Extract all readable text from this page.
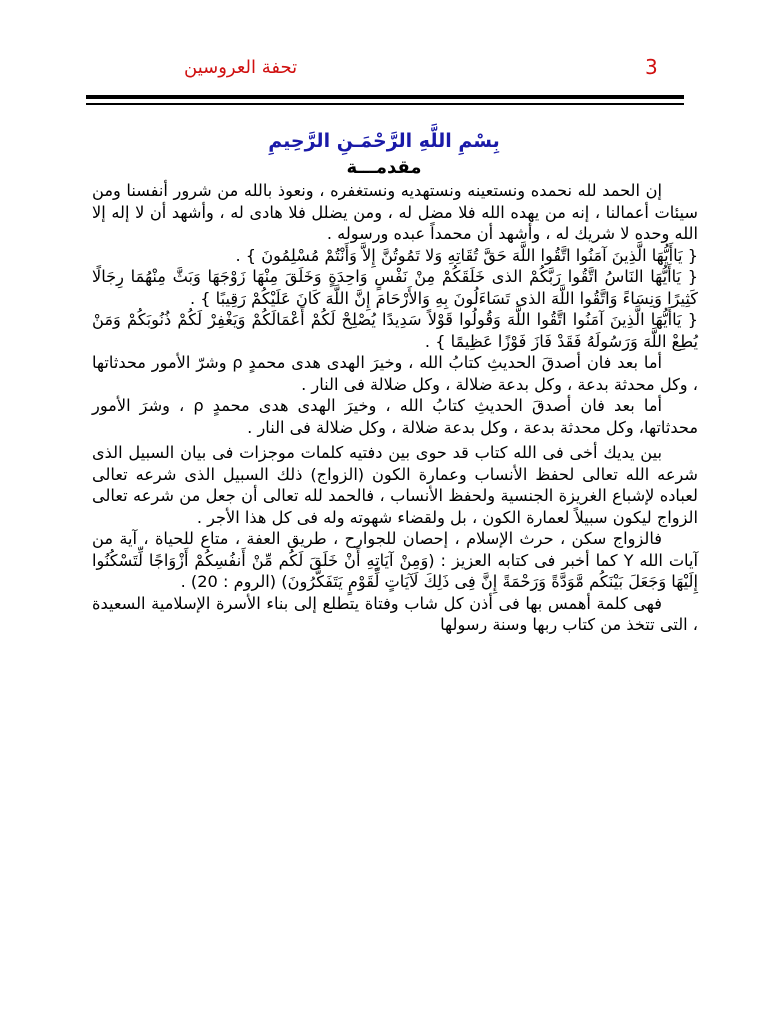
3
تحفة العروسين
بِسْمِ اللَّهِ الرَّحْمَـنِ الرَّحِيمِ
مقدمـــة

إن الحمد لله نحمده ونستعينه ونستهديه ونستغفره ، ونعوذ بالله من شرور أنفسنا ومن سيئات أعمالنا ، إنه من يهده الله فلا مضل له ، ومن يضلل فلا هادى له ، وأشهد أن لا إله إلا الله وحده لا شريك له ، وأشهد أن محمداً عبده ورسوله .

{ يَاأَيُّهَا الَّذِينَ آمَنُوا اتَّقُوا اللَّهَ حَقَّ تُقَاتِهِ وَلا تَمُوتُنَّ إِلاَّ وَأَنْتُمْ مُسْلِمُونَ } .

{ يَاأَيُّهَا النَاسُ اتَّقُوا رَبَّكُمْ الذى خَلَقَكُمْ مِنْ نَفْسٍ وَاحِدَةٍ وَخَلَقَ مِنْهَا زَوْجَهَا وَبَثَّ مِنْهُمَا رِجَالًا كَثِيرًا وَنِسَاءً وَاتَّقُوا اللَّهَ الذى تَسَاءَلُونَ بِهِ وَالأَرْحَامَ إِنَّ اللَّهَ كَانَ عَلَيْكُمْ رَقِيبًا } .

{ يَاأَيُّهَا الَّذِينَ آمَنُوا اتَّقُوا اللَّهَ وَقُولُوا قَوْلاً سَدِيدًا يُصْلِحْ لَكُمْ أَعْمَالَكُمْ وَيَغْفِرْ لَكُمْ ذُنُوبَكُمْ وَمَنْ يُطِعْ اللَّهَ وَرَسُولَهُ فَقَدْ فَازَ فَوْزًا عَظِيمًا } .

أما بعد فان أصدقَ الحديثِ كتابُ الله ، وخيرَ الهدى هدى محمدٍ ρ وشرّ الأمور محدثاتها ، وكل محدثة بدعة ، وكل بدعة ضلالة ، وكل ضلالة فى النار .

أما بعد فان أصدقَ الحديثِ كتابُ الله ، وخيرَ الهدى هدى محمدٍ ρ ، وشرَ الأمور محدثاتها، وكل محدثة بدعة ، وكل بدعة ضلالة ، وكل ضلالة فى النار .

بين يديك أخى فى الله كتاب قد حوى بين دفتيه كلمات موجزات فى بيان السبيل الذى شرعه الله تعالى لحفظ الأنساب وعمارة الكون (الزواج) ذلك السبيل الذى شرعه تعالى لعباده لإشباع الغريزة الجنسية ولحفظ الأنساب ، فالحمد لله تعالى أن جعل من شرعه تعالى الزواج ليكون سبيلاً لعمارة الكون ، بل ولقضاء شهوته وله فى كل هذا الأجر .

فالزواج سكن ، حرث الإسلام ، إحصان للجوارح ، طريق العفة ، متاع للحياة ، آية من آيات الله Y كما أخبر فى كتابه العزيز : (وَمِنْ آيَاتِهِ أَنْ خَلَقَ لَكُم مِّنْ أَنفُسِكُمْ أَزْوَاجًا لِّتَسْكُنُوا إِلَيْهَا وَجَعَلَ بَيْنَكُم مَّوَدَّةً وَرَحْمَةً إِنَّ فِى ذَلِكَ لَآيَاتٍ لِّقَوْمٍ يَتَفَكَّرُونَ) (الروم : 20) .

فهى كلمة أهمس بها فى أذن كل شاب وفتاة يتطلع إلى بناء الأسرة الإسلامية السعيدة ، التى تتخذ من كتاب ربها وسنة رسولها
